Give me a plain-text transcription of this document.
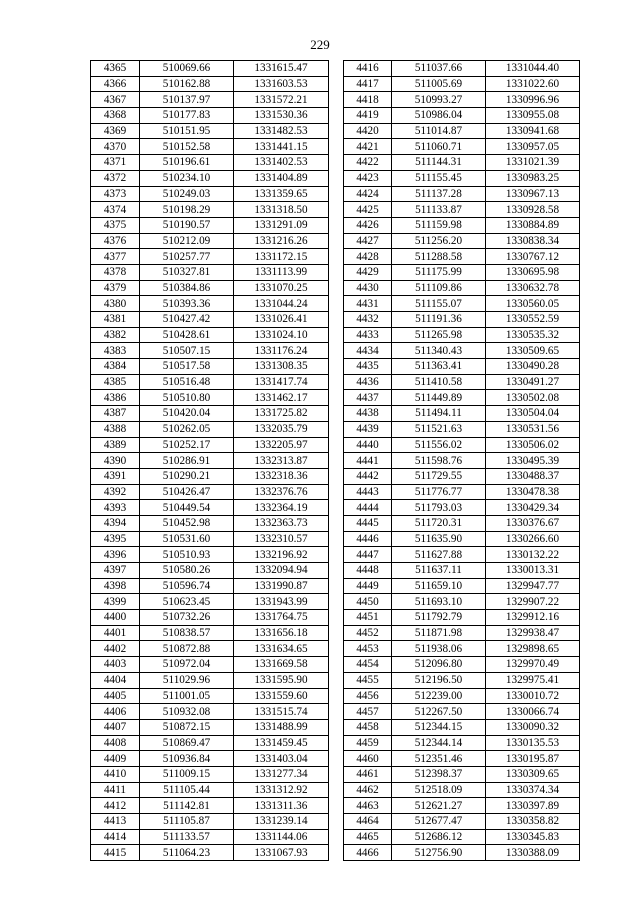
229
4365	510069.66	1331615.47
4366	510162.88	1331603.53
4367	510137.97	1331572.21
4368	510177.83	1331530.36
4369	510151.95	1331482.53
4370	510152.58	1331441.15
4371	510196.61	1331402.53
4372	510234.10	1331404.89
4373	510249.03	1331359.65
4374	510198.29	1331318.50
4375	510190.57	1331291.09
4376	510212.09	1331216.26
4377	510257.77	1331172.15
4378	510327.81	1331113.99
4379	510384.86	1331070.25
4380	510393.36	1331044.24
4381	510427.42	1331026.41
4382	510428.61	1331024.10
4383	510507.15	1331176.24
4384	510517.58	1331308.35
4385	510516.48	1331417.74
4386	510510.80	1331462.17
4387	510420.04	1331725.82
4388	510262.05	1332035.79
4389	510252.17	1332205.97
4390	510286.91	1332313.87
4391	510290.21	1332318.36
4392	510426.47	1332376.76
4393	510449.54	1332364.19
4394	510452.98	1332363.73
4395	510531.60	1332310.57
4396	510510.93	1332196.92
4397	510580.26	1332094.94
4398	510596.74	1331990.87
4399	510623.45	1331943.99
4400	510732.26	1331764.75
4401	510838.57	1331656.18
4402	510872.88	1331634.65
4403	510972.04	1331669.58
4404	511029.96	1331595.90
4405	511001.05	1331559.60
4406	510932.08	1331515.74
4407	510872.15	1331488.99
4408	510869.47	1331459.45
4409	510936.84	1331403.04
4410	511009.15	1331277.34
4411	511105.44	1331312.92
4412	511142.81	1331311.36
4413	511105.87	1331239.14
4414	511133.57	1331144.06
4415	511064.23	1331067.93
4416	511037.66	1331044.40
4417	511005.69	1331022.60
4418	510993.27	1330996.96
4419	510986.04	1330955.08
4420	511014.87	1330941.68
4421	511060.71	1330957.05
4422	511144.31	1331021.39
4423	511155.45	1330983.25
4424	511137.28	1330967.13
4425	511133.87	1330928.58
4426	511159.98	1330884.89
4427	511256.20	1330838.34
4428	511288.58	1330767.12
4429	511175.99	1330695.98
4430	511109.86	1330632.78
4431	511155.07	1330560.05
4432	511191.36	1330552.59
4433	511265.98	1330535.32
4434	511340.43	1330509.65
4435	511363.41	1330490.28
4436	511410.58	1330491.27
4437	511449.89	1330502.08
4438	511494.11	1330504.04
4439	511521.63	1330531.56
4440	511556.02	1330506.02
4441	511598.76	1330495.39
4442	511729.55	1330488.37
4443	511776.77	1330478.38
4444	511793.03	1330429.34
4445	511720.31	1330376.67
4446	511635.90	1330266.60
4447	511627.88	1330132.22
4448	511637.11	1330013.31
4449	511659.10	1329947.77
4450	511693.10	1329907.22
4451	511792.79	1329912.16
4452	511871.98	1329938.47
4453	511938.06	1329898.65
4454	512096.80	1329970.49
4455	512196.50	1329975.41
4456	512239.00	1330010.72
4457	512267.50	1330066.74
4458	512344.15	1330090.32
4459	512344.14	1330135.53
4460	512351.46	1330195.87
4461	512398.37	1330309.65
4462	512518.09	1330374.34
4463	512621.27	1330397.89
4464	512677.47	1330358.82
4465	512686.12	1330345.83
4466	512756.90	1330388.09
